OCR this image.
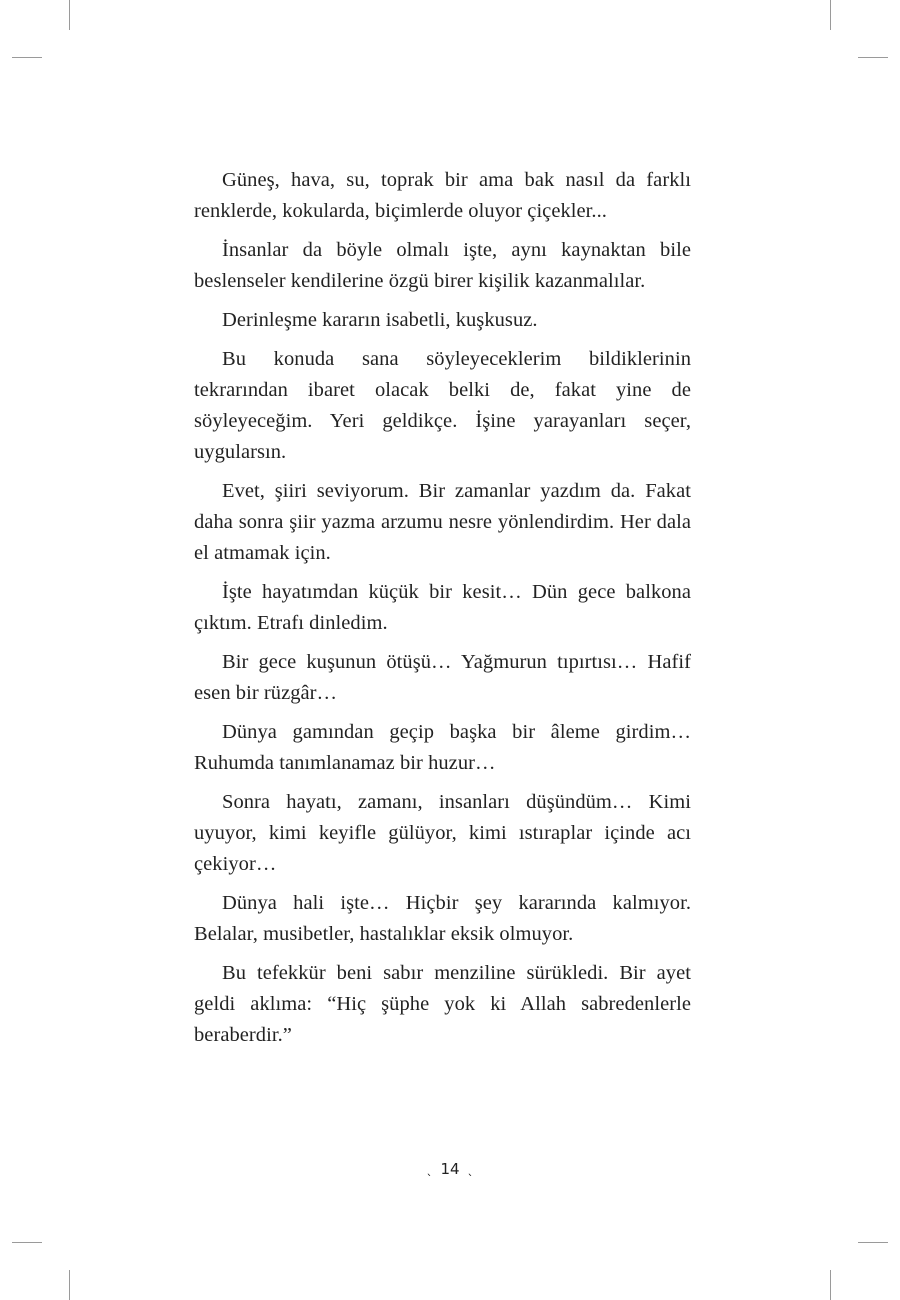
Güneş, hava, su, toprak bir ama bak nasıl da farklı renklerde, kokularda, biçimlerde oluyor çiçekler...

İnsanlar da böyle olmalı işte, aynı kaynaktan bile beslenseler kendilerine özgü birer kişilik kazanmalılar.

Derinleşme kararın isabetli, kuşkusuz.

Bu konuda sana söyleyeceklerim bildiklerinin tekrarından ibaret olacak belki de, fakat yine de söyleyeceğim. Yeri geldikçe. İşine yarayanları seçer, uygularsın.

Evet, şiiri seviyorum. Bir zamanlar yazdım da. Fakat daha sonra şiir yazma arzumu nesre yönlendirdim. Her dala el atmamak için.

İşte hayatımdan küçük bir kesit… Dün gece balkona çıktım. Etrafı dinledim.

Bir gece kuşunun ötüşü… Yağmurun tıpırtısı… Hafif esen bir rüzgâr…

Dünya gamından geçip başka bir âleme girdim… Ruhumda tanımlanamaz bir huzur…

Sonra hayatı, zamanı, insanları düşündüm… Kimi uyuyor, kimi keyifle gülüyor, kimi ıstıraplar içinde acı çekiyor…

Dünya hali işte… Hiçbir şey kararında kalmıyor. Belalar, musibetler, hastalıklar eksik olmuyor.

Bu tefekkür beni sabır menziline sürükledi. Bir ayet geldi aklıma: “Hiç şüphe yok ki Allah sabredenlerle beraberdir.”

ˎ 14 ˎ
